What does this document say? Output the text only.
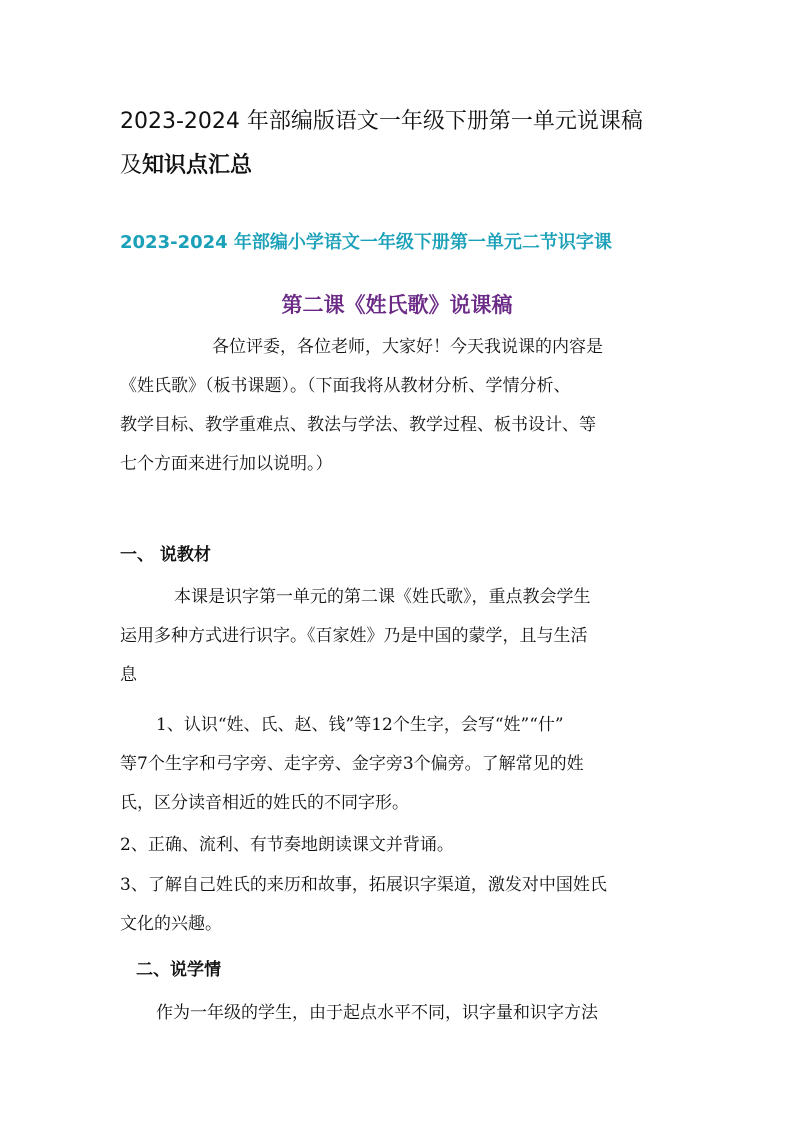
2023-2024 年部编版语文一年级下册第一单元说课稿
及知识点汇总
2023-2024 年部编小学语文一年级下册第一单元二节识字课
第二课《姓氏歌》说课稿

各位评委，各位老师，大家好！今天我说课的内容是
《姓氏歌》（板书课题）。（下面我将从教材分析、学情分析、
教学目标、教学重难点、教法与学法、教学过程、板书设计、等
七个方面来进行加以说明。）

一、 说教材

本课是识字第一单元的第二课《姓氏歌》，重点教会学生
运用多种方式进行识字。《百家姓》乃是中国的蒙学，且与生活
息

1、认识“姓、氏、赵、钱”等12个生字，会写“姓”“什”
等7个生字和弓字旁、走字旁、金字旁3个偏旁。了解常见的姓
氏，区分读音相近的姓氏的不同字形。

2、正确、流利、有节奏地朗读课文并背诵。

3、了解自己姓氏的来历和故事，拓展识字渠道，激发对中国姓氏
文化的兴趣。

二、说学情

作为一年级的学生，由于起点水平不同，识字量和识字方法
